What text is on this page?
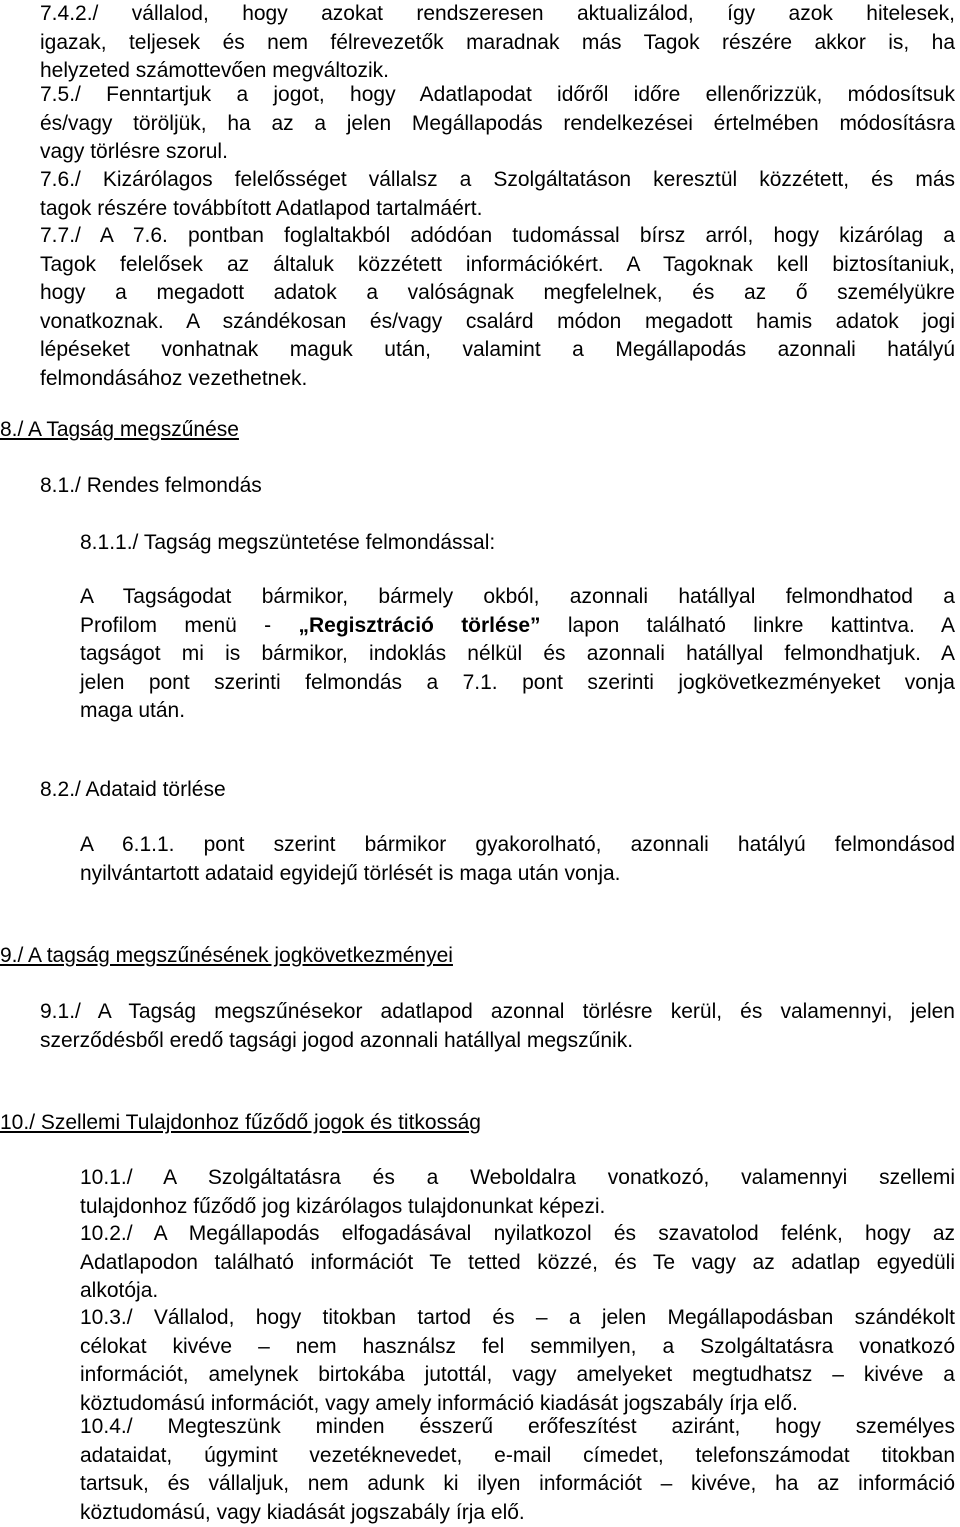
7.4.2./ vállalod, hogy azokat rendszeresen aktualizálod, így azok hitelesek,
igazak, teljesek és nem félrevezetők maradnak más Tagok részére akkor is, ha
helyzeted számottevően megváltozik.
7.5./ Fenntartjuk a jogot, hogy Adatlapodat időről időre ellenőrizzük, módosítsuk
és/vagy töröljük, ha az a jelen Megállapodás rendelkezései értelmében módosításra
vagy törlésre szorul.
7.6./ Kizárólagos felelősséget vállalsz a Szolgáltatáson keresztül közzétett, és más
tagok részére továbbított Adatlapod tartalmáért.
7.7./ A 7.6. pontban foglaltakból adódóan tudomással bírsz arról, hogy kizárólag a
Tagok felelősek az általuk közzétett információkért. A Tagoknak kell biztosítaniuk,
hogy a megadott adatok a valóságnak megfelelnek, és az ő személyükre
vonatkoznak. A szándékosan és/vagy csalárd módon megadott hamis adatok jogi
lépéseket vonhatnak maguk után, valamint a Megállapodás azonnali hatályú
felmondásához vezethetnek.
8./ A Tagság megszűnése
8.1./ Rendes felmondás
8.1.1./ Tagság megszüntetése felmondással:
A Tagságodat bármikor, bármely okból, azonnali hatállyal felmondhatod a
Profilom menü - „Regisztráció törlése” lapon található linkre kattintva. A
tagságot mi is bármikor, indoklás nélkül és azonnali hatállyal felmondhatjuk. A
jelen pont szerinti felmondás a 7.1. pont szerinti jogkövetkezményeket vonja
maga után.
8.2./ Adataid törlése
A 6.1.1. pont szerint bármikor gyakorolható, azonnali hatályú felmondásod
nyilvántartott adataid egyidejű törlését is maga után vonja.
9./ A tagság megszűnésének jogkövetkezményei
9.1./ A Tagság megszűnésekor adatlapod azonnal törlésre kerül, és valamennyi, jelen
szerződésből eredő tagsági jogod azonnali hatállyal megszűnik.
10./ Szellemi Tulajdonhoz fűződő jogok és titkosság
10.1./ A Szolgáltatásra és a Weboldalra vonatkozó, valamennyi szellemi
tulajdonhoz fűződő jog kizárólagos tulajdonunkat képezi.
10.2./ A Megállapodás elfogadásával nyilatkozol és szavatolod felénk, hogy az
Adatlapodon található információt Te tetted közzé, és Te vagy az adatlap egyedüli
alkotója.
10.3./ Vállalod, hogy titokban tartod és – a jelen Megállapodásban szándékolt
célokat kivéve – nem használsz fel semmilyen, a Szolgáltatásra vonatkozó
információt, amelynek birtokába jutottál, vagy amelyeket megtudhatsz – kivéve a
köztudomású információt, vagy amely információ kiadását jogszabály írja elő.
10.4./ Megteszünk minden ésszerű erőfeszítést aziránt, hogy személyes
adataidat, úgymint vezetéknevedet, e-mail címedet, telefonszámodat titokban
tartsuk, és vállaljuk, nem adunk ki ilyen információt – kivéve, ha az információ
köztudomású, vagy kiadását jogszabály írja elő.
